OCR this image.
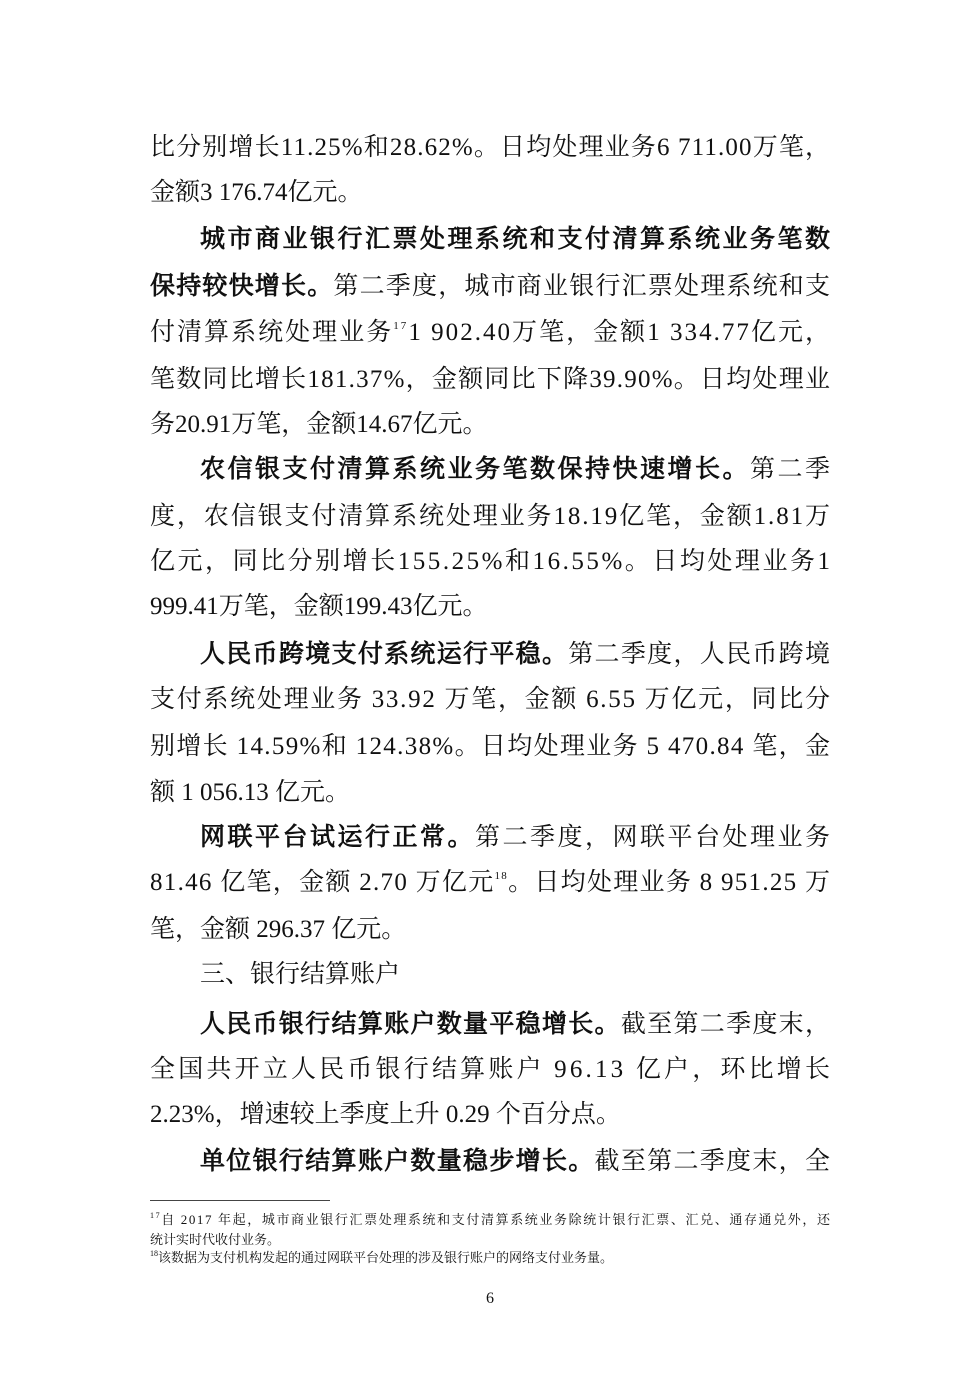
比分别增长11.25%和28.62%。日均处理业务6 711.00万笔，
金额3 176.74亿元。
城市商业银行汇票处理系统和支付清算系统业务笔数
保持较快增长。第二季度，城市商业银行汇票处理系统和支
付清算系统处理业务$^{17}$1 902.40万笔，金额1 334.77亿元，
笔数同比增长181.37%，金额同比下降39.90%。日均处理业
务20.91万笔，金额14.67亿元。
农信银支付清算系统业务笔数保持快速增长。第二季
度，农信银支付清算系统处理业务18.19亿笔，金额1.81万
亿元，同比分别增长155.25%和16.55%。日均处理业务1
999.41万笔，金额199.43亿元。
人民币跨境支付系统运行平稳。第二季度，人民币跨境
支付系统处理业务 33.92 万笔，金额 6.55 万亿元，同比分
别增长 14.59%和 124.38%。日均处理业务 5 470.84 笔，金
额 1 056.13 亿元。
网联平台试运行正常。第二季度，网联平台处理业务
81.46 亿笔，金额 2.70 万亿元$^{18}$。日均处理业务 8 951.25 万
笔，金额 296.37 亿元。
三、银行结算账户
人民币银行结算账户数量平稳增长。截至第二季度末，
全国共开立人民币银行结算账户 96.13 亿户，环比增长
2.23%，增速较上季度上升 0.29 个百分点。
单位银行结算账户数量稳步增长。截至第二季度末，全
$^{17}$自 2017 年起，城市商业银行汇票处理系统和支付清算系统业务除统计银行汇票、汇兑、通存通兑外，还
统计实时代收付业务。
$^{18}$该数据为支付机构发起的通过网联平台处理的涉及银行账户的网络支付业务量。
6
